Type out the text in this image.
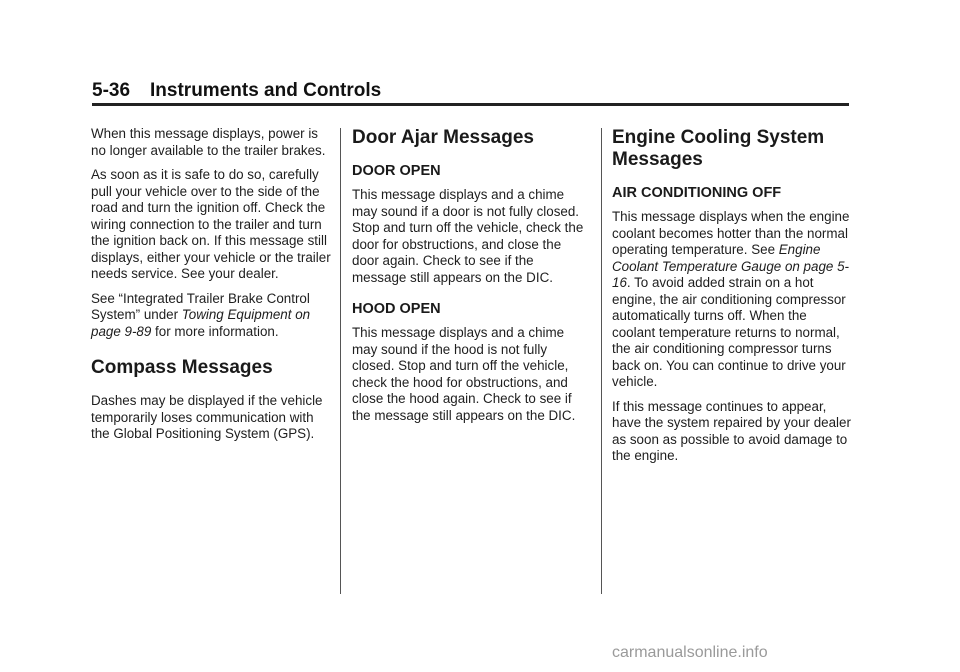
5-36 Instruments and Controls

When this message displays, power is no longer available to the trailer brakes.

As soon as it is safe to do so, carefully pull your vehicle over to the side of the road and turn the ignition off. Check the wiring connection to the trailer and turn the ignition back on. If this message still displays, either your vehicle or the trailer needs service. See your dealer.

See “Integrated Trailer Brake Control System” under Towing Equipment on page 9-89 for more information.

Compass Messages

Dashes may be displayed if the vehicle temporarily loses communication with the Global Positioning System (GPS).

Door Ajar Messages
DOOR OPEN

This message displays and a chime may sound if a door is not fully closed. Stop and turn off the vehicle, check the door for obstructions, and close the door again. Check to see if the message still appears on the DIC.

HOOD OPEN

This message displays and a chime may sound if the hood is not fully closed. Stop and turn off the vehicle, check the hood for obstructions, and close the hood again. Check to see if the message still appears on the DIC.

Engine Cooling System Messages
AIR CONDITIONING OFF

This message displays when the engine coolant becomes hotter than the normal operating temperature. See Engine Coolant Temperature Gauge on page 5-16. To avoid added strain on a hot engine, the air conditioning compressor automatically turns off. When the coolant temperature returns to normal, the air conditioning compressor turns back on. You can continue to drive your vehicle.

If this message continues to appear, have the system repaired by your dealer as soon as possible to avoid damage to the engine.

carmanualsonline.info
